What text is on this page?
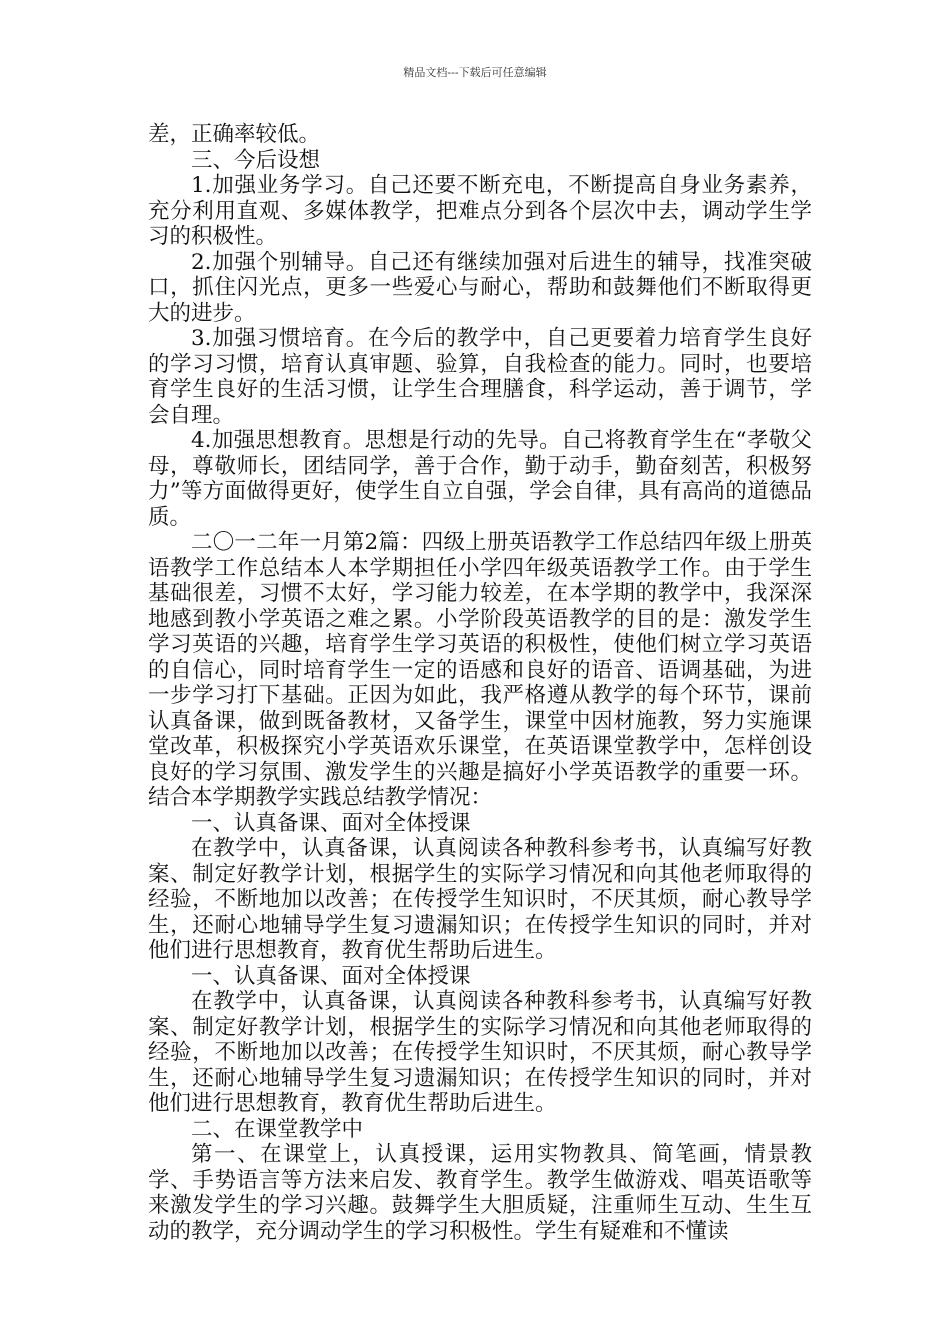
精品文档---下载后可任意编辑

差，正确率较低。

三、今后设想

1.加强业务学习。自己还要不断充电，不断提高自身业务素养，充分利用直观、多媒体教学，把难点分到各个层次中去，调动学生学习的积极性。

2.加强个别辅导。自己还有继续加强对后进生的辅导，找准突破口，抓住闪光点，更多一些爱心与耐心，帮助和鼓舞他们不断取得更大的进步。

3.加强习惯培育。在今后的教学中，自己更要着力培育学生良好的学习习惯，培育认真审题、验算，自我检查的能力。同时，也要培育学生良好的生活习惯，让学生合理膳食，科学运动，善于调节，学会自理。

4.加强思想教育。思想是行动的先导。自己将教育学生在“孝敬父母，尊敬师长，团结同学，善于合作，勤于动手，勤奋刻苦，积极努力”等方面做得更好，使学生自立自强，学会自律，具有高尚的道德品质。

二〇一二年一月第2篇：四级上册英语教学工作总结四年级上册英语教学工作总结本人本学期担任小学四年级英语教学工作。由于学生基础很差，习惯不太好，学习能力较差，在本学期的教学中，我深深地感到教小学英语之难之累。小学阶段英语教学的目的是：激发学生学习英语的兴趣，培育学生学习英语的积极性，使他们树立学习英语的自信心，同时培育学生一定的语感和良好的语音、语调基础，为进一步学习打下基础。正因为如此，我严格遵从教学的每个环节，课前认真备课，做到既备教材，又备学生，课堂中因材施教，努力实施课堂改革，积极探究小学英语欢乐课堂，在英语课堂教学中，怎样创设良好的学习氛围、激发学生的兴趣是搞好小学英语教学的重要一环。结合本学期教学实践总结教学情况：

一、认真备课、面对全体授课

在教学中，认真备课，认真阅读各种教科参考书，认真编写好教案、制定好教学计划，根据学生的实际学习情况和向其他老师取得的经验，不断地加以改善；在传授学生知识时，不厌其烦，耐心教导学生，还耐心地辅导学生复习遗漏知识；在传授学生知识的同时，并对他们进行思想教育，教育优生帮助后进生。

一、认真备课、面对全体授课

在教学中，认真备课，认真阅读各种教科参考书，认真编写好教案、制定好教学计划，根据学生的实际学习情况和向其他老师取得的经验，不断地加以改善；在传授学生知识时，不厌其烦，耐心教导学生，还耐心地辅导学生复习遗漏知识；在传授学生知识的同时，并对他们进行思想教育，教育优生帮助后进生。

二、在课堂教学中

第一、在课堂上，认真授课，运用实物教具、简笔画，情景教学、手势语言等方法来启发、教育学生。教学生做游戏、唱英语歌等来激发学生的学习兴趣。鼓舞学生大胆质疑，注重师生互动、生生互动的教学，充分调动学生的学习积极性。学生有疑难和不懂读
